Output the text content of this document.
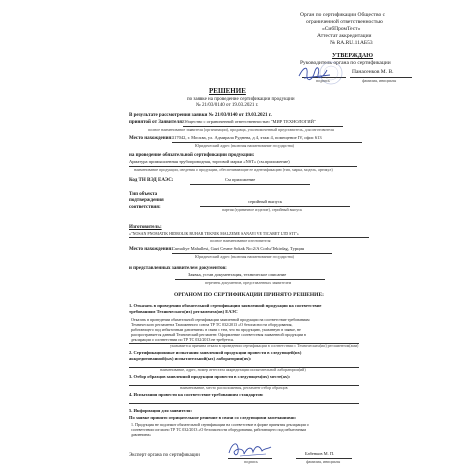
Орган по сертификации Общество с
ограниченной ответственностью
«СибПромТест»
Аттестат аккредитации
№ RA.RU.11АБ53
УТВЕРЖДАЮ
Руководитель органа по сертификации
Панасенков М. В.
подпись	фамилия, инициалы
РЕШЕНИЕ
по заявке на проведение сертификации продукции
№ 21/03/0140 от 19.03.2021 г.
В результате рассмотрения заявки № 21/03/0140 от 19.03.2021 г.
принятой от Заявителя: Общество с ограниченной ответственностью "МИР ТЕХНОЛОГИЙ"
полное наименование заявителя (организации), продавца, уполномоченный представитель, для изготовителя
Место нахождения: 117042, г. Москва, ул. Адмирала Руднева, д 4, этаж 4, помещение IV, офис 613
Юридический адрес (включая наименование государства)
на проведение обязательной сертификации продукции:
Арматура промышленная трубопроводная, торговой марки «NST» (см.приложение)
наименование продукции, сведения о продукции, обеспечивающие ее идентификацию (тип, марка, модель, артикул)
Код ТН ВЭД ЕАЭС:	См приложение
Тип объекта подтверждения соответствия:
серийный выпуск
партия (единичное изделие), серийный выпуск
Изготовитель:
«"NOSAN PNOMATIK HIDROLIK BUHAR TEKNIK MALZEME SANAYI VE TICARET LTD STI"»
полное наименование изготовителя
Место нахождения: Cumaliye Mahallesi, Gazi Cesme Sokak No:2/A Corlu/Tekirdag, Турция
Юридический адрес (включая наименование государства)
и представленных заявителем документов:
Заявка, устав документация, техническое описание
перечень документов, представленных заявителем
ОРГАНОМ ПО СЕРТИФИКАЦИИ ПРИНЯТО РЕШЕНИЕ:
1. Отказать в проведении обязательной сертификации заявленной продукции на соответствие
требованиям Технического(их) регламента(ов) ЕАЭС
Отказать в проведении обязательной сертификации заявленной продукции на соответствие требованиям
Технического регламента Таможенного союза ТР ТС 032/2013 «О безопасности оборудования,
работающего под избыточным давлением» в связи с тем, что на продукцию, указанную в заявке, не
распространяется данный Технический регламент. Оформление соответствия заявленной продукции в
декларации о соответствии по ТР ТС 032/2013 не требуется.
указывается причина отказа в проведении сертификации в соответствии с Техническим(ии) регламентом(ами)
2. Сертификационные испытания заявленной продукции провести в следующей(их)
аккредитованной(ых) испытательной(ых) лаборатории(ях):
наименование, адрес, номер аттестата аккредитации испытательной лаборатории(ий)
3. Отбор образцов заявленной продукции провести в следующем(их) месте(ах):
наименование, место расположения, регламент отбор образцов
4. Испытания провести на соответствие требованиям стандартов:
5. Информация для заявителя:
По заявке принято отрицательное решение в связи со следующими замечаниями:
1. Продукция не подлежит обязательной сертификации на соответствие в форме принятия декларации о
соответствии согласно ТР ТС 032/2013 «О безопасности оборудования, работающего под избыточным
давлением»
Эксперт органа по сертификации	Бабенков М. П.
подпись	фамилия, инициалы
